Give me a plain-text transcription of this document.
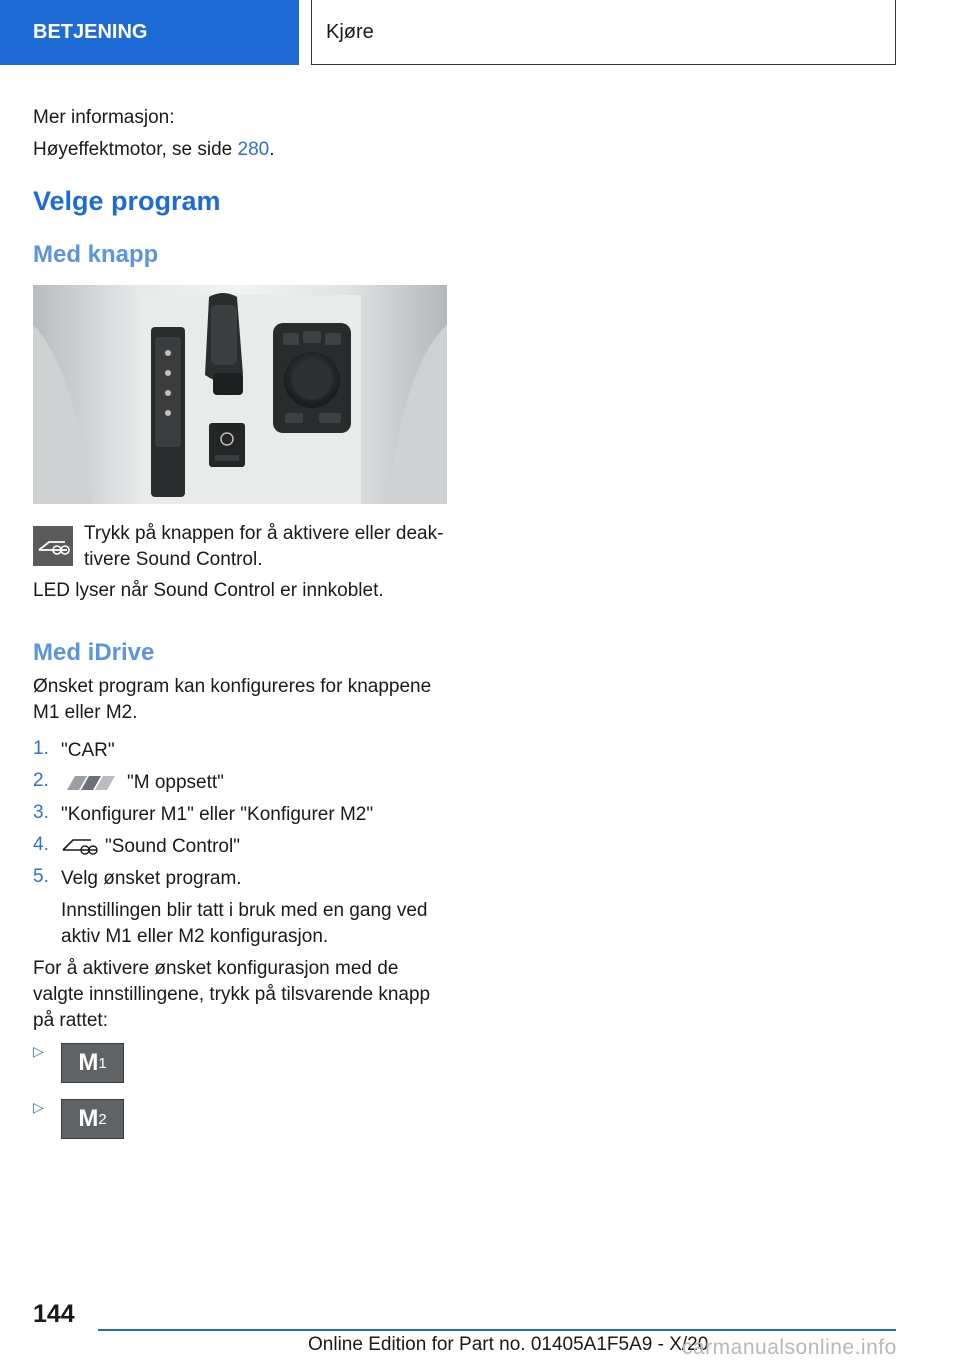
BETJENING	Kjøre

Mer informasjon:

Høyeffektmotor, se side 280.

Velge program
Med knapp

Trykk på knappen for å aktivere eller deak-

tivere Sound Control.

LED lyser når Sound Control er innkoblet.

Med iDrive

Ønsket program kan konfigureres for knappene

M1 eller M2.

1. "CAR"
2.	"M oppsett"
3. "Konfigurer M1" eller "Konfigurer M2"
4.	"Sound Control"
5. Velg ønsket program.

Innstillingen blir tatt i bruk med en gang ved

aktiv M1 eller M2 konfigurasjon.

For å aktivere ønsket konfigurasjon med de

valgte innstillingene, trykk på tilsvarende knapp

på rattet:

▷ M 1
▷ M 2
144
Online Edition for Part no. 01405A1F5A9 - X/20
carmanualsonline.info
